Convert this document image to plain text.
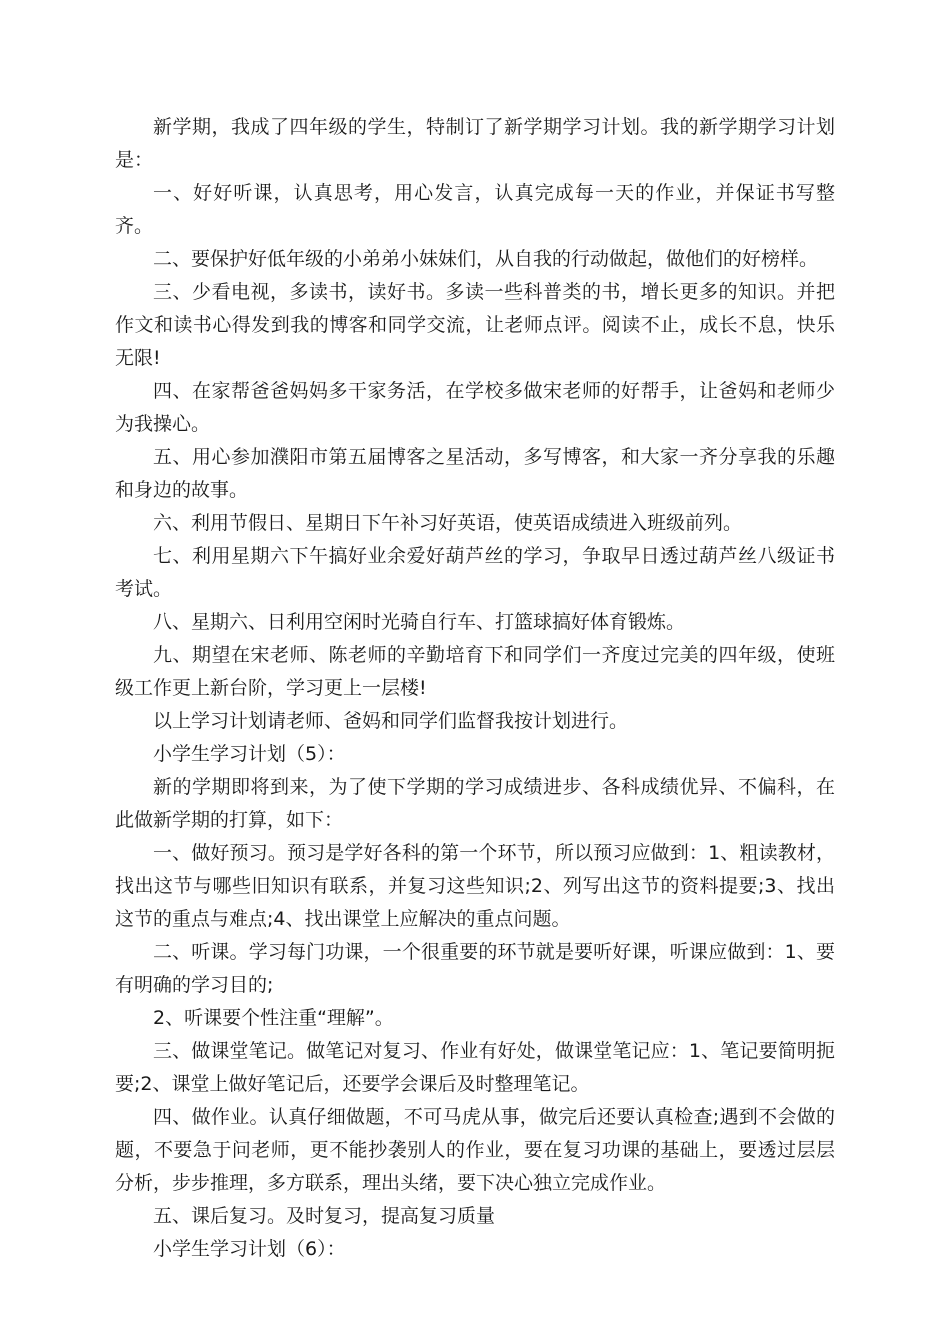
新学期，我成了四年级的学生，特制订了新学期学习计划。我的新学期学习计划是：

一、好好听课，认真思考，用心发言，认真完成每一天的作业，并保证书写整齐。

二、要保护好低年级的小弟弟小妹妹们，从自我的行动做起，做他们的好榜样。

三、少看电视，多读书，读好书。多读一些科普类的书，增长更多的知识。并把作文和读书心得发到我的博客和同学交流，让老师点评。阅读不止，成长不息，快乐无限!

四、在家帮爸爸妈妈多干家务活，在学校多做宋老师的好帮手，让爸妈和老师少为我操心。

五、用心参加濮阳市第五届博客之星活动，多写博客，和大家一齐分享我的乐趣和身边的故事。

六、利用节假日、星期日下午补习好英语，使英语成绩进入班级前列。

七、利用星期六下午搞好业余爱好葫芦丝的学习，争取早日透过葫芦丝八级证书考试。

八、星期六、日利用空闲时光骑自行车、打篮球搞好体育锻炼。

九、期望在宋老师、陈老师的辛勤培育下和同学们一齐度过完美的四年级，使班级工作更上新台阶，学习更上一层楼!

以上学习计划请老师、爸妈和同学们监督我按计划进行。

小学生学习计划（5）：

新的学期即将到来，为了使下学期的学习成绩进步、各科成绩优异、不偏科，在此做新学期的打算，如下：

一、做好预习。预习是学好各科的第一个环节，所以预习应做到：1、粗读教材，找出这节与哪些旧知识有联系，并复习这些知识;2、列写出这节的资料提要;3、找出这节的重点与难点;4、找出课堂上应解决的重点问题。

二、听课。学习每门功课，一个很重要的环节就是要听好课，听课应做到：1、要有明确的学习目的;

2、听课要个性注重“理解”。

三、做课堂笔记。做笔记对复习、作业有好处，做课堂笔记应：1、笔记要简明扼要;2、课堂上做好笔记后，还要学会课后及时整理笔记。

四、做作业。认真仔细做题，不可马虎从事，做完后还要认真检查;遇到不会做的题，不要急于问老师，更不能抄袭别人的作业，要在复习功课的基础上，要透过层层分析，步步推理，多方联系，理出头绪，要下决心独立完成作业。

五、课后复习。及时复习，提高复习质量

小学生学习计划（6）：
